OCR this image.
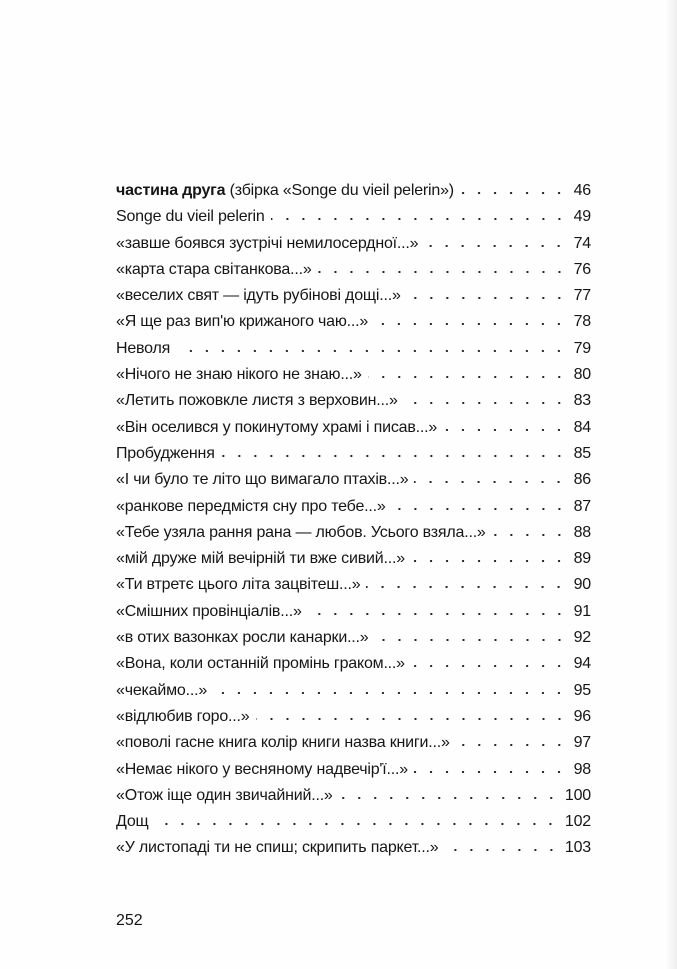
частина друга (збірка «Songe du vieil pelerin»)	46
Songe du vieil pelerin	49
«завше боявся зустрічі немилосердної...»	74
«карта стара світанкова...»	76
«веселих свят — ідуть рубінові дощі...»	77
«Я ще раз вип'ю крижаного чаю...»	78
Неволя	79
«Нічого не знаю нікого не знаю...»	80
«Летить пожовкле листя з верховин...»	83
«Він оселився у покинутому храмі і писав...»	84
Пробудження	85
«І чи було те літо що вимагало птахів...»	86
«ранкове передмістя сну про тебе...»	87
«Тебе узяла рання рана — любов. Усього взяла...»	88
«мій друже мій вечірній ти вже сивий...»	89
«Ти втретє цього літа зацвітеш...»	90
«Смішних провінціалів...»	91
«в отих вазонках росли канарки...»	92
«Вона, коли останній промінь граком...»	94
«чекаймо...»	95
«відлюбив горо...»	96
«поволі гасне книга колір книги назва книги...»	97
«Немає нікого у весняному надвечір'ї...»	98
«Отож іще один звичайний...»	100
Дощ	102
«У листопаді ти не спиш; скрипить паркет...»	103
252
